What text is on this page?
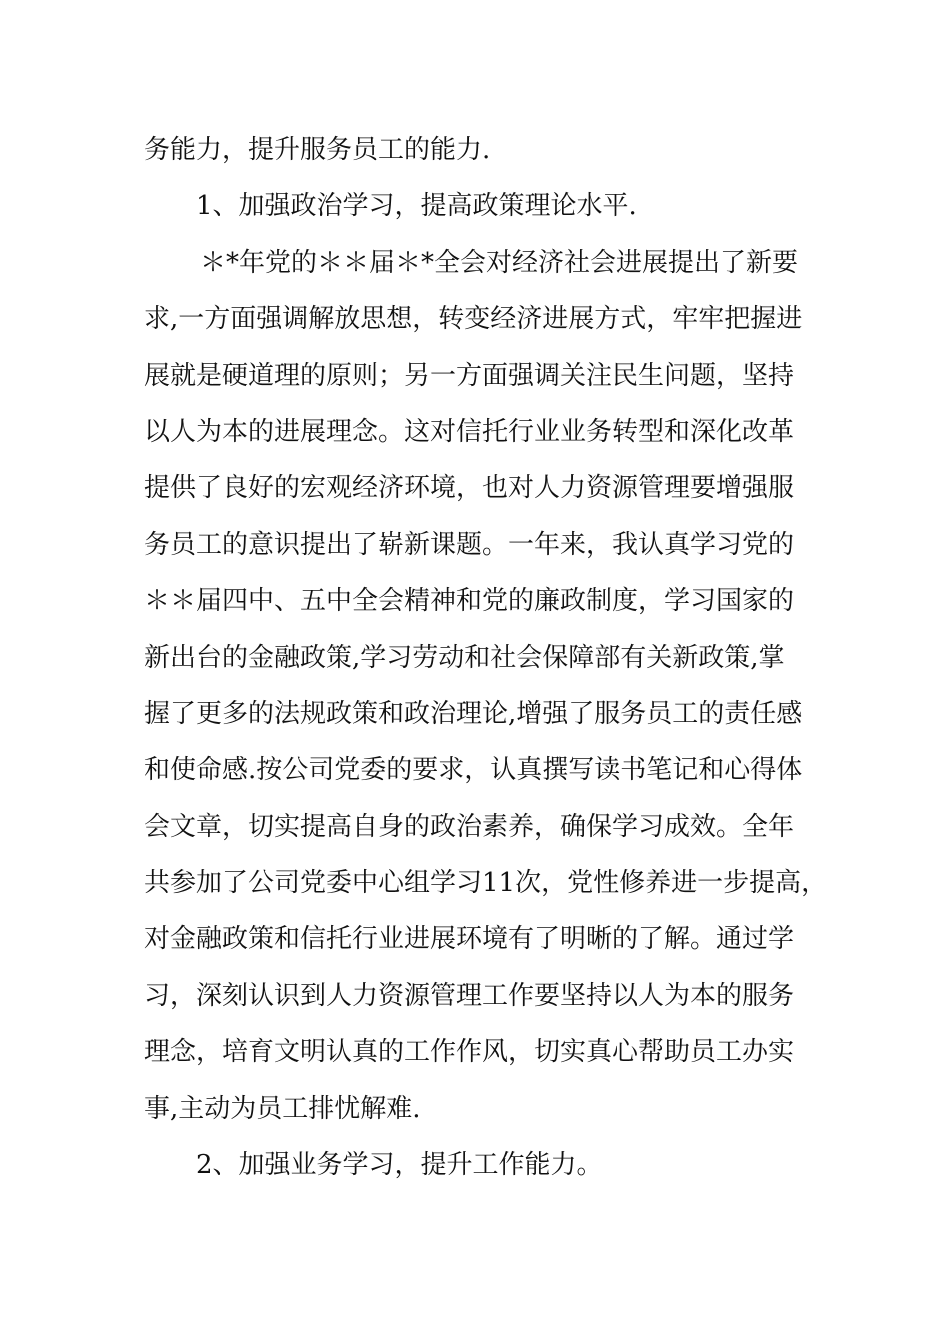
务能力，提升服务员工的能力.
1、加强政治学习，提高政策理论水平.
＊*年党的＊＊届＊*全会对经济社会进展提出了新要
求,一方面强调解放思想，转变经济进展方式，牢牢把握进
展就是硬道理的原则；另一方面强调关注民生问题，坚持
以人为本的进展理念。这对信托行业业务转型和深化改革
提供了良好的宏观经济环境，也对人力资源管理要增强服
务员工的意识提出了崭新课题。一年来，我认真学习党的
＊＊届四中、五中全会精神和党的廉政制度，学习国家的
新出台的金融政策,学习劳动和社会保障部有关新政策,掌
握了更多的法规政策和政治理论,增强了服务员工的责任感
和使命感.按公司党委的要求，认真撰写读书笔记和心得体
会文章，切实提高自身的政治素养，确保学习成效。全年
共参加了公司党委中心组学习11次，党性修养进一步提高，
对金融政策和信托行业进展环境有了明晰的了解。通过学
习，深刻认识到人力资源管理工作要坚持以人为本的服务
理念，培育文明认真的工作作风，切实真心帮助员工办实
事,主动为员工排忧解难.
2、加强业务学习，提升工作能力。
